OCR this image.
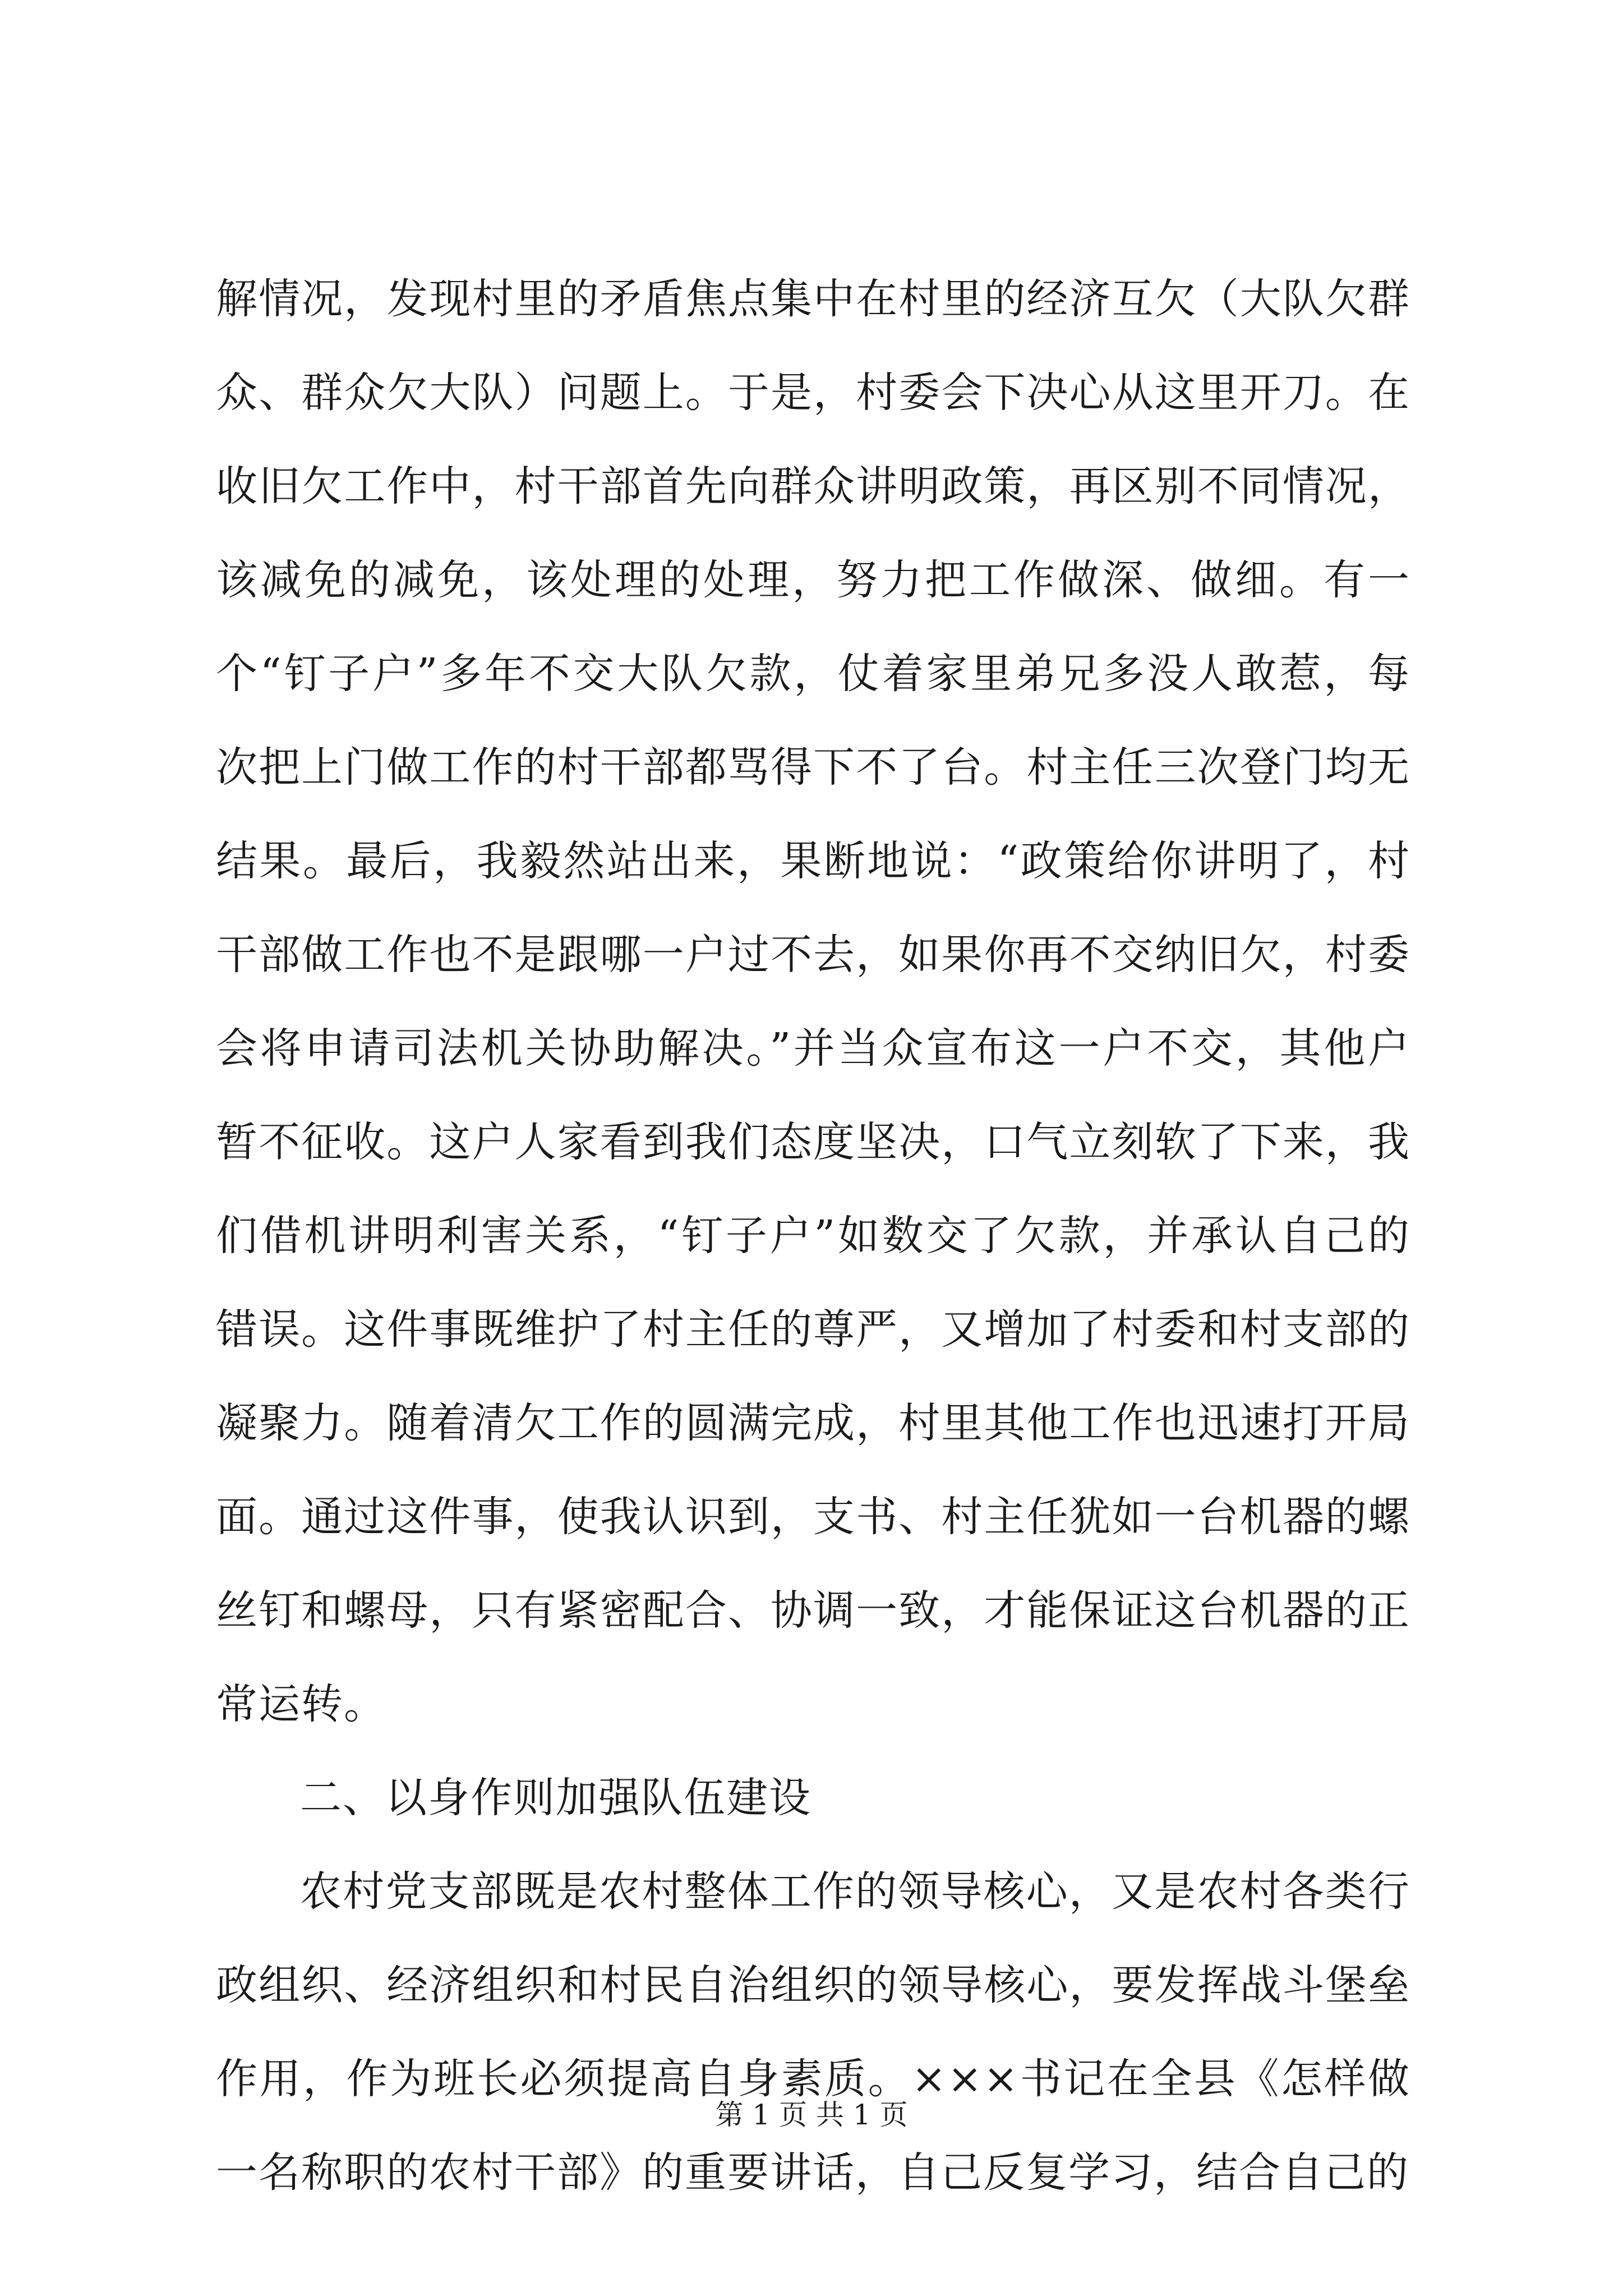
解情况，发现村里的矛盾焦点集中在村里的经济互欠（大队欠群众、群众欠大队）问题上。于是，村委会下决心从这里开刀。在收旧欠工作中，村干部首先向群众讲明政策，再区别不同情况，该减免的减免，该处理的处理，努力把工作做深、做细。有一个“钉子户”多年不交大队欠款，仗着家里弟兄多没人敢惹，每次把上门做工作的村干部都骂得下不了台。村主任三次登门均无结果。最后，我毅然站出来，果断地说：“政策给你讲明了，村干部做工作也不是跟哪一户过不去，如果你再不交纳旧欠，村委会将申请司法机关协助解决。”并当众宣布这一户不交，其他户暂不征收。这户人家看到我们态度坚决，口气立刻软了下来，我们借机讲明利害关系，“钉子户”如数交了欠款，并承认自己的错误。这件事既维护了村主任的尊严，又增加了村委和村支部的凝聚力。随着清欠工作的圆满完成，村里其他工作也迅速打开局面。通过这件事，使我认识到，支书、村主任犹如一台机器的螺丝钉和螺母，只有紧密配合、协调一致，才能保证这台机器的正常运转。

二、以身作则加强队伍建设

农村党支部既是农村整体工作的领导核心，又是农村各类行政组织、经济组织和村民自治组织的领导核心，要发挥战斗堡垒作用，作为班长必须提高自身素质。×××书记在全县《怎样做一名称职的农村干部》的重要讲话，自己反复学习，结合自己的

第 1 页 共 1 页
